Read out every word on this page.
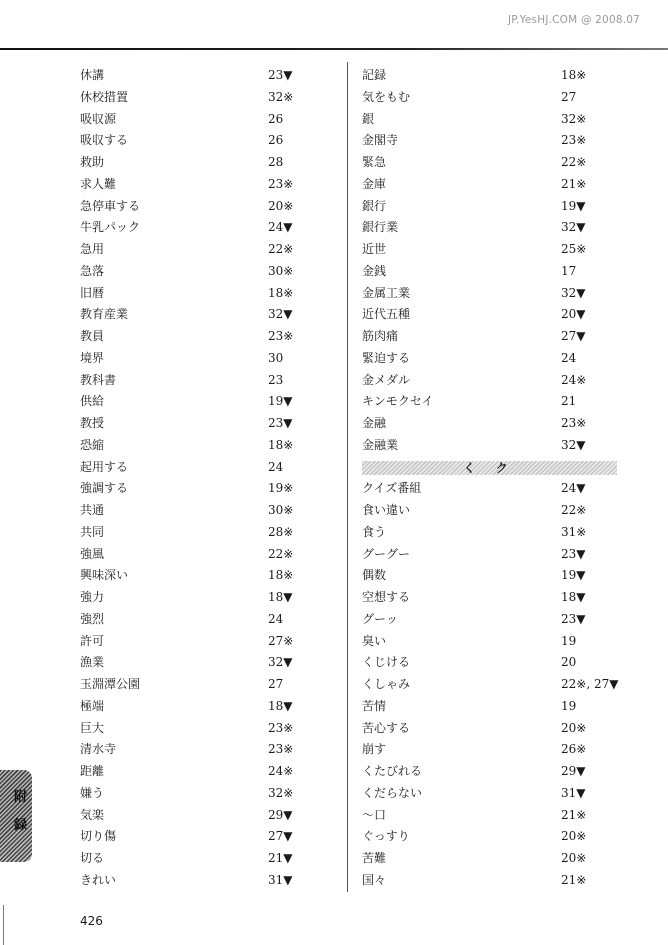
JP.YesHJ.COM @ 2008.07
休講	23▼
休校措置	32※
吸収源	26
吸収する	26
救助	28
求人難	23※
急停車する	20※
牛乳パック	24▼
急用	22※
急落	30※
旧暦	18※
教育産業	32▼
教員	23※
境界	30
教科書	23
供給	19▼
教授	23▼
恐縮	18※
起用する	24
強調する	19※
共通	30※
共同	28※
強風	22※
興味深い	18※
強力	18▼
強烈	24
許可	27※
漁業	32▼
玉淵潭公園	27
極端	18▼
巨大	23※
清水寺	23※
距離	24※
嫌う	32※
気楽	29▼
切り傷	27▼
切る	21▼
きれい	31▼
記録	18※
気をもむ	27
銀	32※
金閣寺	23※
緊急	22※
金庫	21※
銀行	19▼
銀行業	32▼
近世	25※
金銭	17
金属工業	32▼
近代五種	20▼
筋肉痛	27▼
緊迫する	24
金メダル	24※
キンモクセイ	21
金融	23※
金融業	32▼
く ク
クイズ番組	24▼
食い違い	22※
食う	31※
グーグー	23▼
偶数	19▼
空想する	18▼
グーッ	23▼
臭い	19
くじける	20
くしゃみ	22※, 27▼
苦情	19
苦心する	20※
崩す	26※
くたびれる	29▼
くだらない	31▼
～口	21※
ぐっすり	20※
苦難	20※
国々	21※
附録
426
